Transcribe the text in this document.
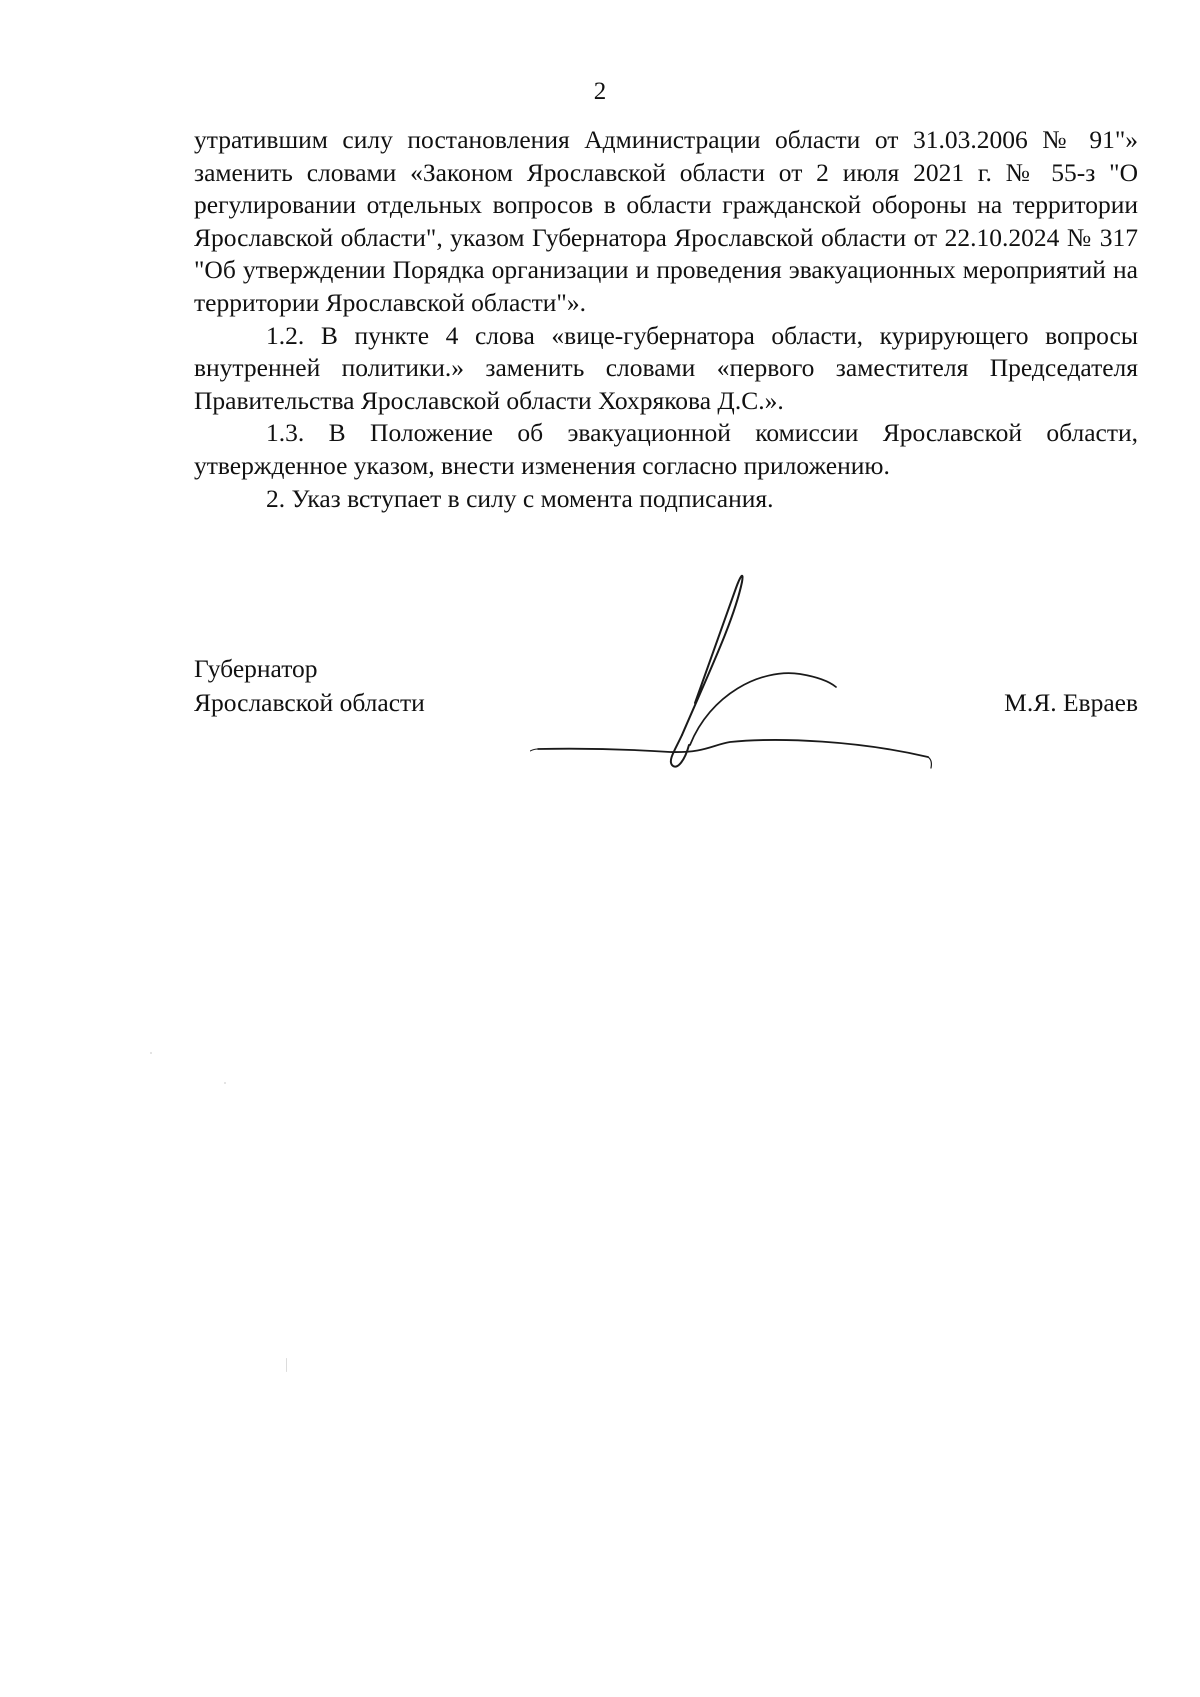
2

утратившим силу постановления Администрации области от 31.03.2006 № 91"» заменить словами «Законом Ярославской области от 2 июля 2021 г. № 55-з "О регулировании отдельных вопросов в области гражданской обороны на территории Ярославской области", указом Губернатора Ярославской области от 22.10.2024 № 317 "Об утверждении Порядка организации и проведения эвакуационных мероприятий на территории Ярославской области"».

1.2. В пункте 4 слова «вице-губернатора области, курирующего вопросы внутренней политики.» заменить словами «первого заместителя Председателя Правительства Ярославской области Хохрякова Д.С.».

1.3. В Положение об эвакуационной комиссии Ярославской области, утвержденное указом, внести изменения согласно приложению.

2. Указ вступает в силу с момента подписания.

Губернатор
Ярославской области	М.Я. Евраев
